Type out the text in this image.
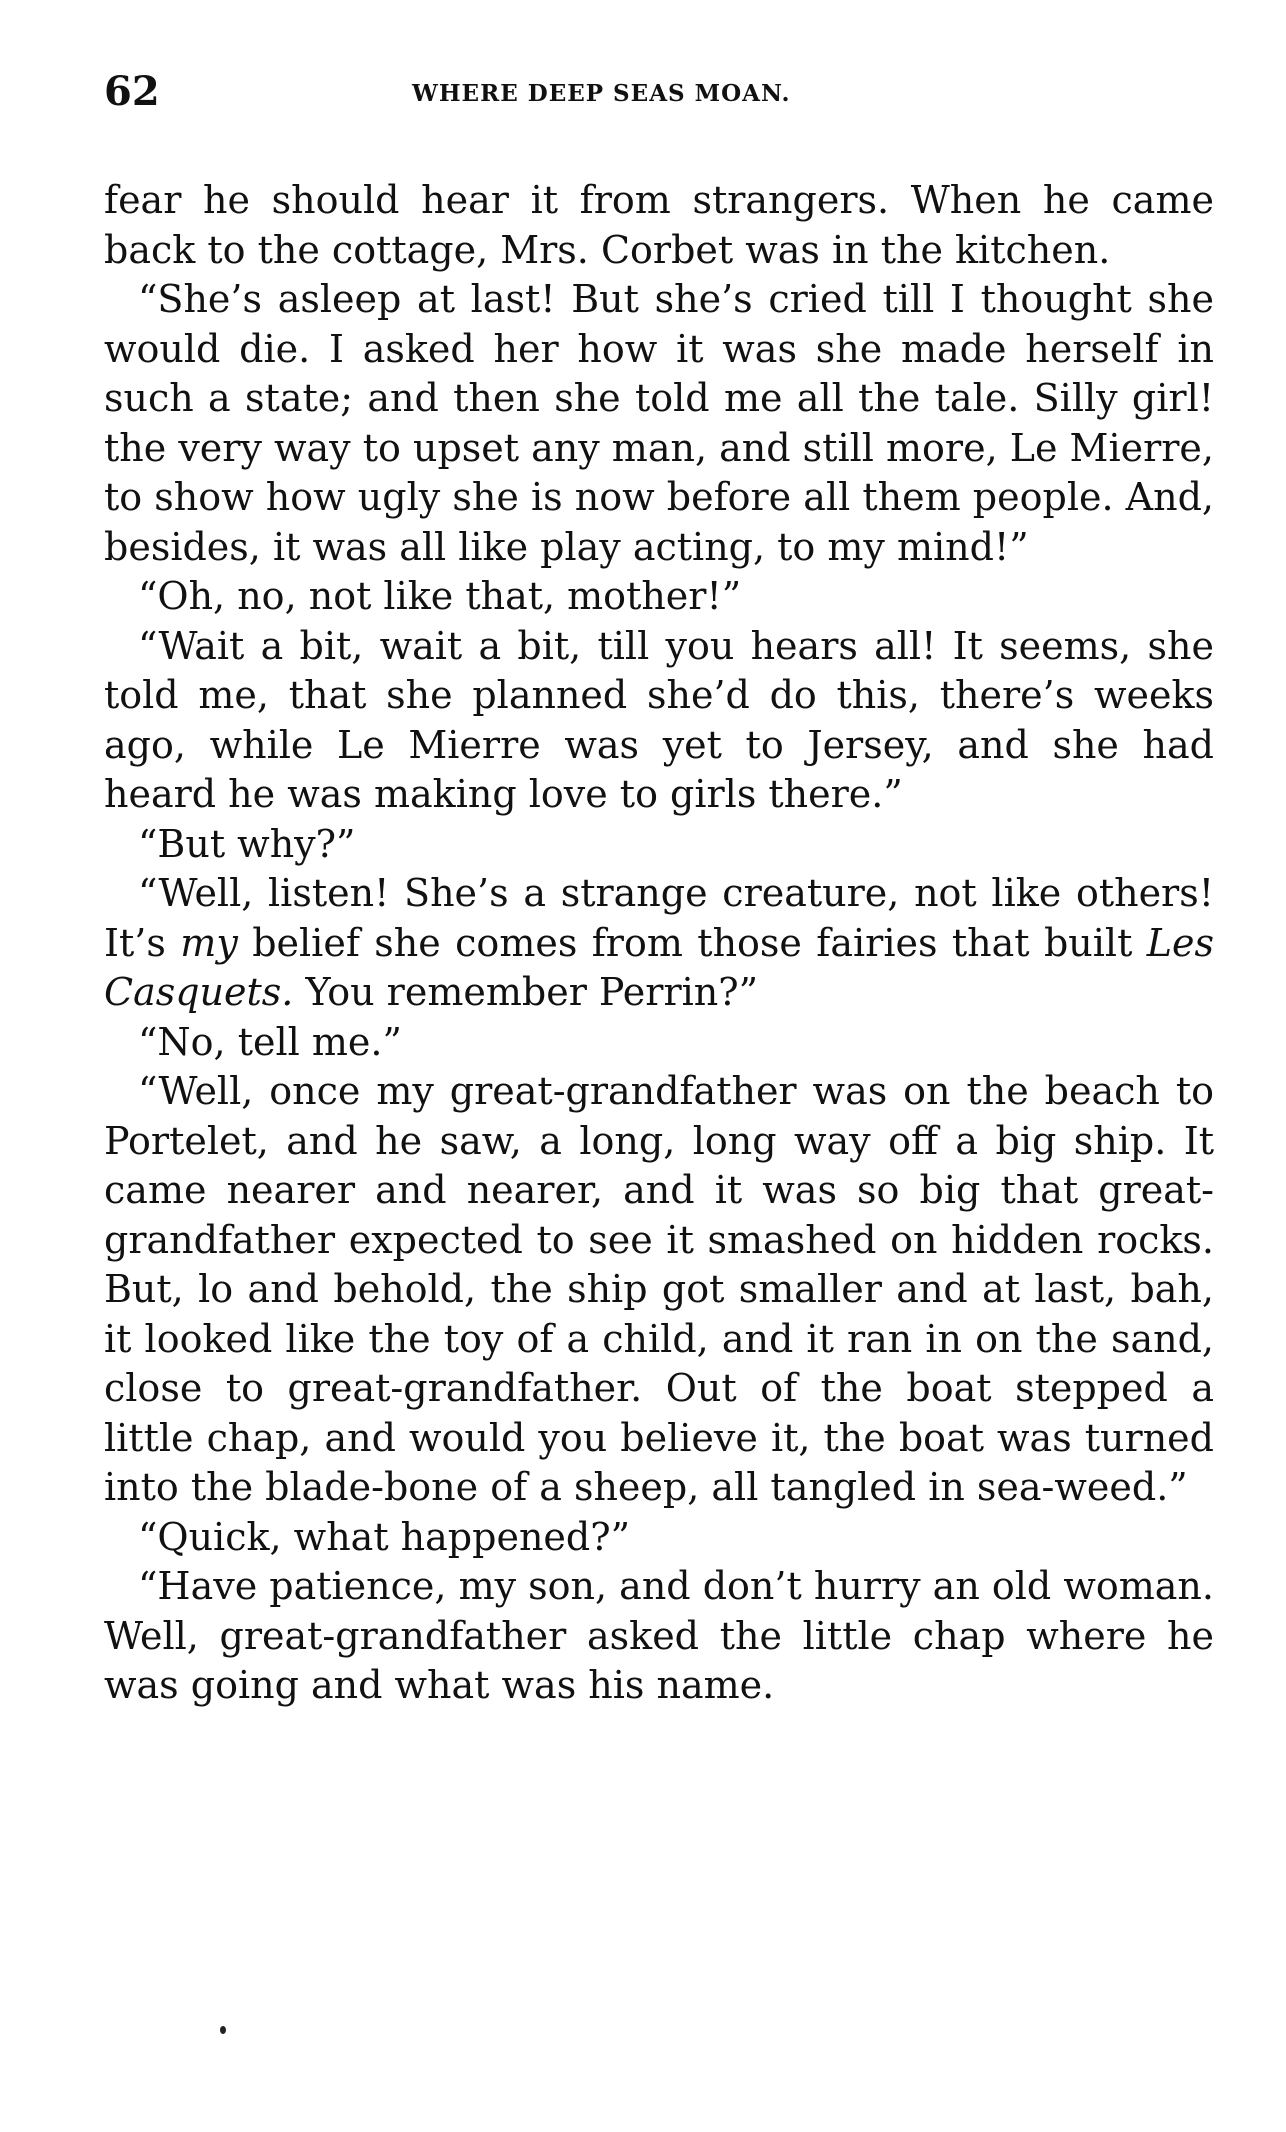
62	WHERE DEEP SEAS MOAN.

fear he should hear it from strangers. When he came back to the cottage, Mrs. Corbet was in the kitchen.

“She’s asleep at last! But she’s cried till I thought she would die. I asked her how it was she made herself in such a state; and then she told me all the tale. Silly girl! the very way to upset any man, and still more, Le Mierre, to show how ugly she is now before all them people. And, besides, it was all like play acting, to my mind!”

“Oh, no, not like that, mother!”

“Wait a bit, wait a bit, till you hears all! It seems, she told me, that she planned she’d do this, there’s weeks ago, while Le Mierre was yet to Jersey, and she had heard he was making love to girls there.”

“But why?”

“Well, listen! She’s a strange creature, not like others! It’s my belief she comes from those fairies that built Les Casquets. You remember Perrin?”

“No, tell me.”

“Well, once my great-grandfather was on the beach to Portelet, and he saw, a long, long way off a big ship. It came nearer and nearer, and it was so big that great-grandfather expected to see it smashed on hidden rocks. But, lo and behold, the ship got smaller and at last, bah, it looked like the toy of a child, and it ran in on the sand, close to great-grandfather. Out of the boat stepped a little chap, and would you believe it, the boat was turned into the blade-bone of a sheep, all tangled in sea-weed.”

“Quick, what happened?”

“Have patience, my son, and don’t hurry an old woman. Well, great-grandfather asked the little chap where he was going and what was his name.
